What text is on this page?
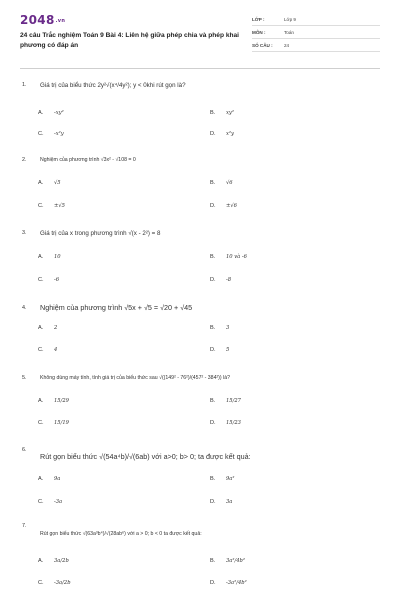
2048.vn
24 câu Trắc nghiệm Toán 9 Bài 4: Liên hệ giữa phép chia và phép khai phương có đáp án
LỚP :	Lớp 9
MÔN :	Toán
SỐ CÂU : 24
1. Giá trị của biểu thức 2y²√(x⁴/4y²); y < 0khi rút gọn là?
A. -xy²	B. xy²
C. -x²y	D. x²y
2.	Nghiệm của phương trình √3x² - √108 = 0
A. √5	B. √6
C. ±√5	D. ±√6
3. Giá trị của x trong phương trình √(x - 2²) = 8
A. 10	B. 10 và -6
C. -6	D. -8
4. Nghiệm của phương trình √5x + √5 = √20 + √45
A. 2	B. 3
C. 4	D. 5
5.	Không dùng máy tính, tính giá trị của biểu thức sau √((149² - 76²)/(457² - 384²)) là?
A. 15/29	B. 15/27
C. 15/19	D. 15/23
6.
Rút gọn biểu thức √(54a⁴b)/√(6ab) với a>0; b> 0; ta được kết quả:
A. 9a	B. 9a²
C. -3a	D. 3a
7.
Rút gọn biểu thức √(63a³b⁴)/√(28ab⁶) với a > 0; b < 0 ta được kết quả:
A. 3a/2b	B. 3a²/4b²
C. -3a/2b	D. -3a²/4b²
